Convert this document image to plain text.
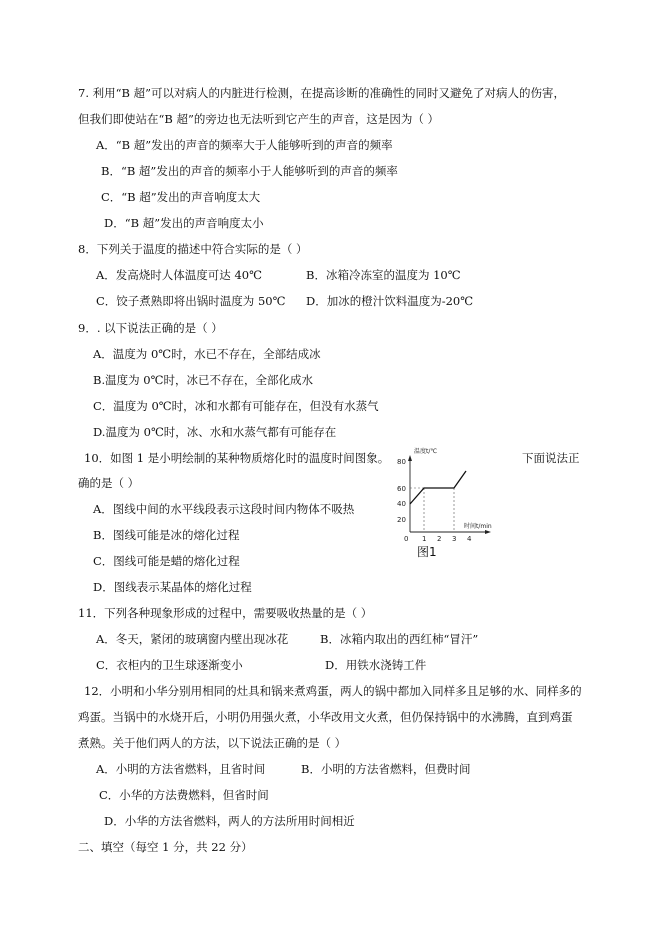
7. 利用“B 超”可以对病人的内脏进行检测，在提高诊断的准确性的同时又避免了对病人的伤害，
但我们即使站在“B 超”的旁边也无法听到它产生的声音，这是因为（ ）
A．“B 超”发出的声音的频率大于人能够听到的声音的频率
B．“B 超”发出的声音的频率小于人能够听到的声音的频率
C．“B 超”发出的声音响度太大
D．“B 超”发出的声音响度太小
8．下列关于温度的描述中符合实际的是（ ）
A．发高烧时人体温度可达 40℃	B．冰箱冷冻室的温度为 10℃
C．饺子煮熟即将出锅时温度为 50℃ D．加冰的橙汁饮料温度为-20℃
9．. 以下说法正确的是（ ）
A．温度为 0℃时，水已不存在，全部结成冰
B.温度为 0℃时，冰已不存在，全部化成水
C．温度为 0℃时，冰和水都有可能存在，但没有水蒸气
D.温度为 0℃时，冰、水和水蒸气都有可能存在
10．如图 1 是小明绘制的某种物质熔化时的温度时间图象。	下面说法正
确的是（ ）
A．图线中间的水平线段表示这段时间内物体不吸热
B．图线可能是冰的熔化过程
C．图线可能是蜡的熔化过程
D．图线表示某晶体的熔化过程
温度t/℃
80
60
40
20
0 1 2 3 4
时间t/min
图1
11．下列各种现象形成的过程中，需要吸收热量的是（ ）
A．冬天，紧闭的玻璃窗内壁出现冰花	B．冰箱内取出的西红柿“冒汗”
C．衣柜内的卫生球逐渐变小	D．用铁水浇铸工件
12．小明和小华分别用相同的灶具和锅来煮鸡蛋，两人的锅中都加入同样多且足够的水、同样多的
鸡蛋。当锅中的水烧开后，小明仍用强火煮，小华改用文火煮，但仍保持锅中的水沸腾，直到鸡蛋
煮熟。关于他们两人的方法，以下说法正确的是（ ）
A．小明的方法省燃料，且省时间	B．小明的方法省燃料，但费时间
C．小华的方法费燃料，但省时间
D．小华的方法省燃料，两人的方法所用时间相近
二、填空（每空 1 分，共 22 分）
